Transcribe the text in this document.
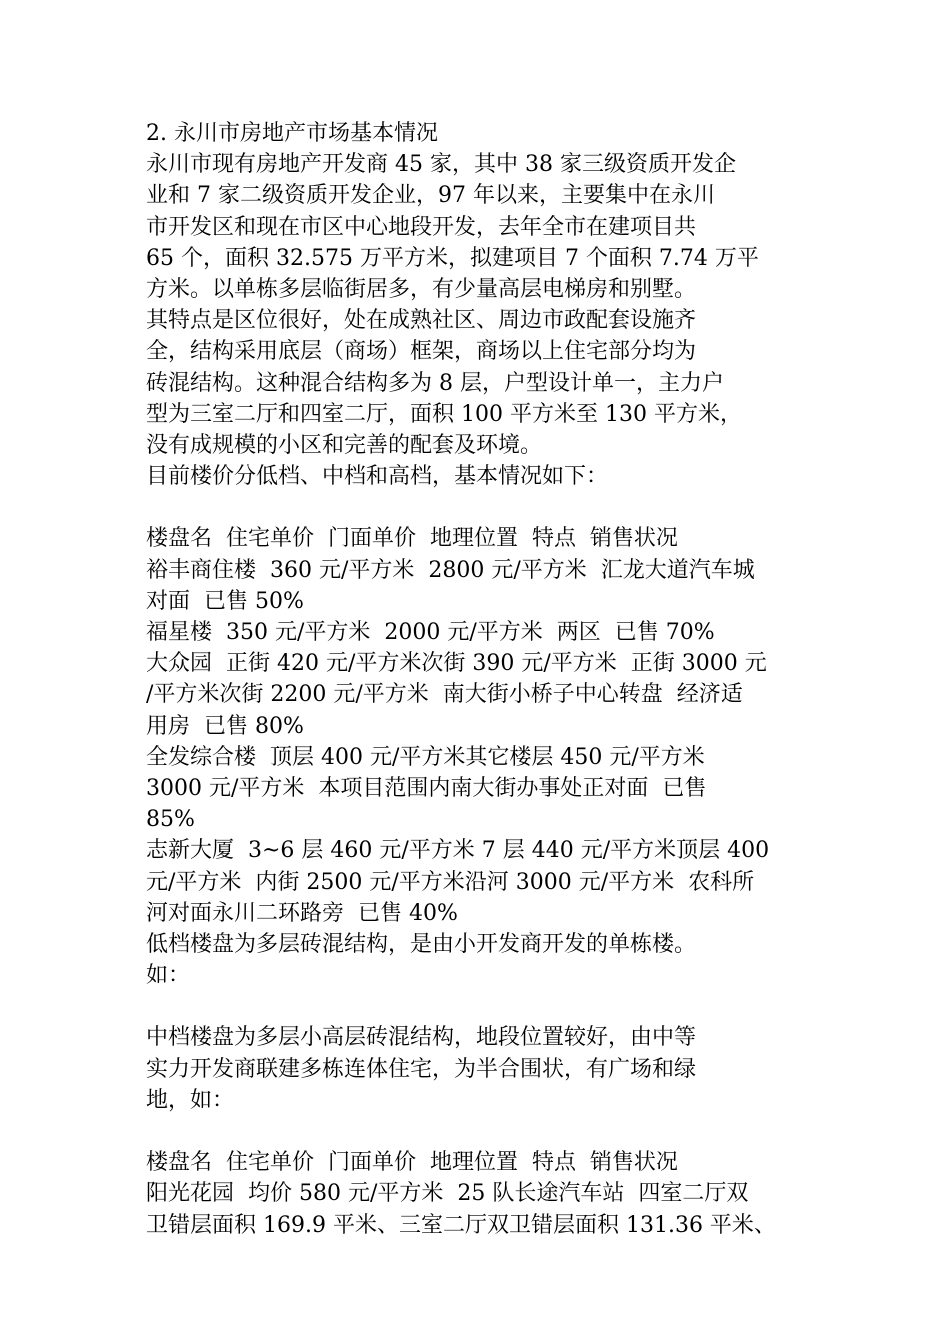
2. 永川市房地产市场基本情况
永川市现有房地产开发商 45 家，其中 38 家三级资质开发企
业和 7 家二级资质开发企业，97 年以来，主要集中在永川
市开发区和现在市区中心地段开发，去年全市在建项目共
65 个，面积 32.575 万平方米，拟建项目 7 个面积 7.74 万平
方米。以单栋多层临街居多，有少量高层电梯房和别墅。
其特点是区位很好，处在成熟社区、周边市政配套设施齐
全，结构采用底层（商场）框架，商场以上住宅部分均为
砖混结构。这种混合结构多为 8 层，户型设计单一，主力户
型为三室二厅和四室二厅，面积 100 平方米至 130 平方米，
没有成规模的小区和完善的配套及环境。
目前楼价分低档、中档和高档，基本情况如下：
楼盘名  住宅单价  门面单价  地理位置  特点  销售状况
裕丰商住楼  360 元/平方米  2800 元/平方米  汇龙大道汽车城
对面  已售 50%
福星楼  350 元/平方米  2000 元/平方米  两区  已售 70%
大众园  正街 420 元/平方米次街 390 元/平方米  正街 3000 元
/平方米次街 2200 元/平方米  南大街小桥子中心转盘  经济适
用房  已售 80%
全发综合楼  顶层 400 元/平方米其它楼层 450 元/平方米
3000 元/平方米  本项目范围内南大街办事处正对面  已售
85%
志新大厦  3~6 层 460 元/平方米 7 层 440 元/平方米顶层 400
元/平方米  内街 2500 元/平方米沿河 3000 元/平方米  农科所
河对面永川二环路旁  已售 40%
低档楼盘为多层砖混结构，是由小开发商开发的单栋楼。
如：
中档楼盘为多层小高层砖混结构，地段位置较好，由中等
实力开发商联建多栋连体住宅，为半合围状，有广场和绿
地，如：
楼盘名  住宅单价  门面单价  地理位置  特点  销售状况
阳光花园  均价 580 元/平方米  25 队长途汽车站  四室二厅双
卫错层面积 169.9 平米、三室二厅双卫错层面积 131.36 平米、
